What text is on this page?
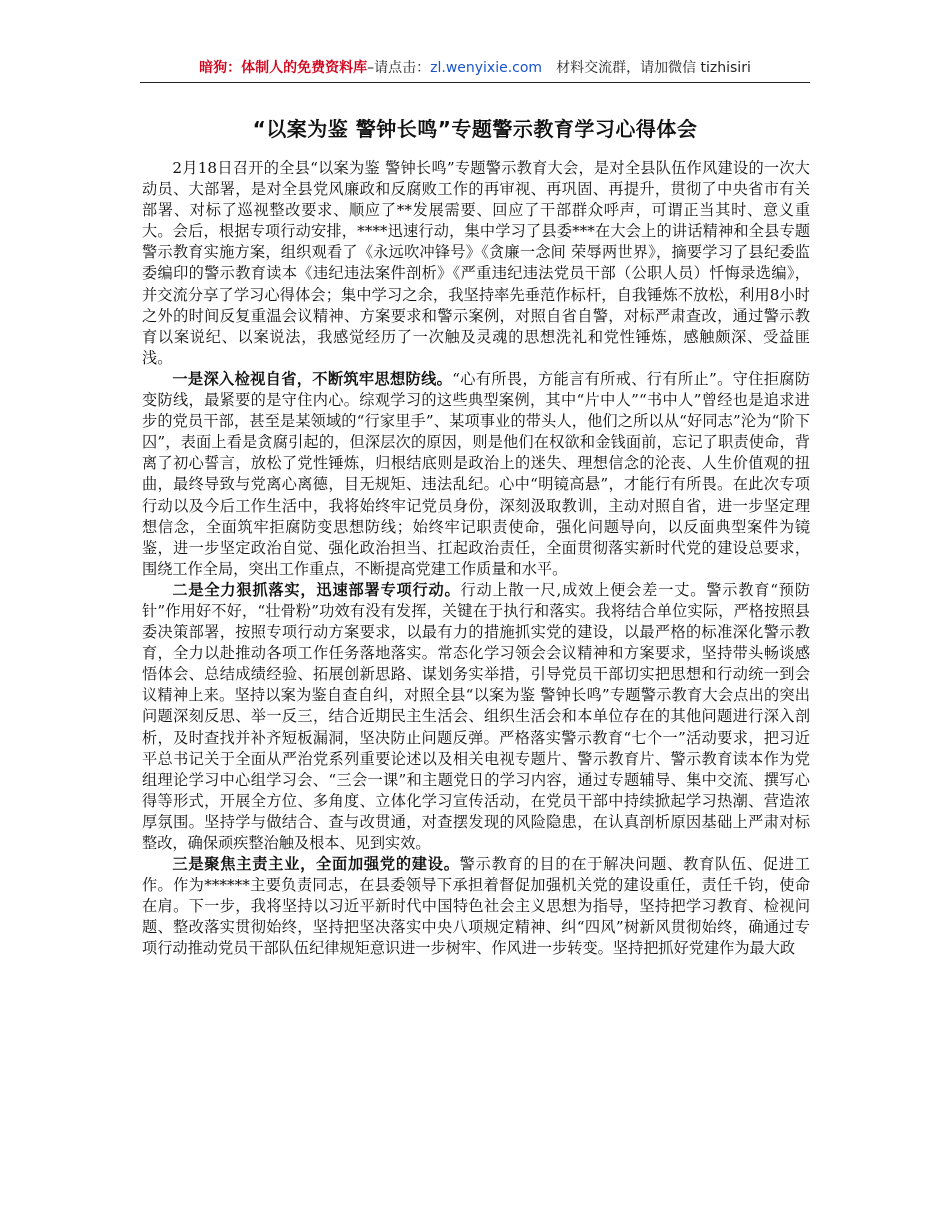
暗狗：体制人的免费资料库–请点击：zl.wenyixie.com 材料交流群，请加微信 tizhisiri
“以案为鉴 警钟长鸣”专题警示教育学习心得体会

2月18日召开的全县“以案为鉴 警钟长鸣”专题警示教育大会，是对全县队伍作风建设的一次大动员、大部署，是对全县党风廉政和反腐败工作的再审视、再巩固、再提升，贯彻了中央省市有关部署、对标了巡视整改要求、顺应了**发展需要、回应了干部群众呼声，可谓正当其时、意义重大。会后，根据专项行动安排，****迅速行动，集中学习了县委***在大会上的讲话精神和全县专题警示教育实施方案，组织观看了《永远吹冲锋号》《贪廉一念间 荣辱两世界》，摘要学习了县纪委监委编印的警示教育读本《违纪违法案件剖析》《严重违纪违法党员干部（公职人员）忏悔录选编》，并交流分享了学习心得体会；集中学习之余，我坚持率先垂范作标杆，自我锤炼不放松，利用8小时之外的时间反复重温会议精神、方案要求和警示案例，对照自省自警，对标严肃查改，通过警示教育以案说纪、以案说法，我感觉经历了一次触及灵魂的思想洗礼和党性锤炼，感触颇深、受益匪浅。

一是深入检视自省，不断筑牢思想防线。“心有所畏，方能言有所戒、行有所止”。守住拒腐防变防线，最紧要的是守住内心。综观学习的这些典型案例，其中“片中人”“书中人”曾经也是追求进步的党员干部，甚至是某领域的“行家里手”、某项事业的带头人，他们之所以从“好同志”沦为“阶下囚”，表面上看是贪腐引起的，但深层次的原因，则是他们在权欲和金钱面前，忘记了职责使命，背离了初心誓言，放松了党性锤炼，归根结底则是政治上的迷失、理想信念的沦丧、人生价值观的扭曲，最终导致与党离心离德，目无规矩、违法乱纪。心中“明镜高悬”，才能行有所畏。在此次专项行动以及今后工作生活中，我将始终牢记党员身份，深刻汲取教训，主动对照自省，进一步坚定理想信念，全面筑牢拒腐防变思想防线；始终牢记职责使命，强化问题导向，以反面典型案件为镜鉴，进一步坚定政治自觉、强化政治担当、扛起政治责任，全面贯彻落实新时代党的建设总要求，围绕工作全局，突出工作重点，不断提高党建工作质量和水平。

二是全力狠抓落实，迅速部署专项行动。行动上散一尺,成效上便会差一丈。警示教育“预防针”作用好不好，“壮骨粉”功效有没有发挥，关键在于执行和落实。我将结合单位实际，严格按照县委决策部署，按照专项行动方案要求，以最有力的措施抓实党的建设，以最严格的标准深化警示教育，全力以赴推动各项工作任务落地落实。常态化学习领会会议精神和方案要求，坚持带头畅谈感悟体会、总结成绩经验、拓展创新思路、谋划务实举措，引导党员干部切实把思想和行动统一到会议精神上来。坚持以案为鉴自查自纠，对照全县“以案为鉴 警钟长鸣”专题警示教育大会点出的突出问题深刻反思、举一反三，结合近期民主生活会、组织生活会和本单位存在的其他问题进行深入剖析，及时查找并补齐短板漏洞，坚决防止问题反弹。严格落实警示教育“七个一”活动要求，把习近平总书记关于全面从严治党系列重要论述以及相关电视专题片、警示教育片、警示教育读本作为党组理论学习中心组学习会、“三会一课”和主题党日的学习内容，通过专题辅导、集中交流、撰写心得等形式，开展全方位、多角度、立体化学习宣传活动，在党员干部中持续掀起学习热潮、营造浓厚氛围。坚持学与做结合、查与改贯通，对查摆发现的风险隐患，在认真剖析原因基础上严肃对标整改，确保顽疾整治触及根本、见到实效。

三是聚焦主责主业，全面加强党的建设。警示教育的目的在于解决问题、教育队伍、促进工作。作为******主要负责同志，在县委领导下承担着督促加强机关党的建设重任，责任千钧，使命在肩。下一步，我将坚持以习近平新时代中国特色社会主义思想为指导，坚持把学习教育、检视问题、整改落实贯彻始终，坚持把坚决落实中央八项规定精神、纠“四风”树新风贯彻始终，确通过专项行动推动党员干部队伍纪律规矩意识进一步树牢、作风进一步转变。坚持把抓好党建作为最大政
